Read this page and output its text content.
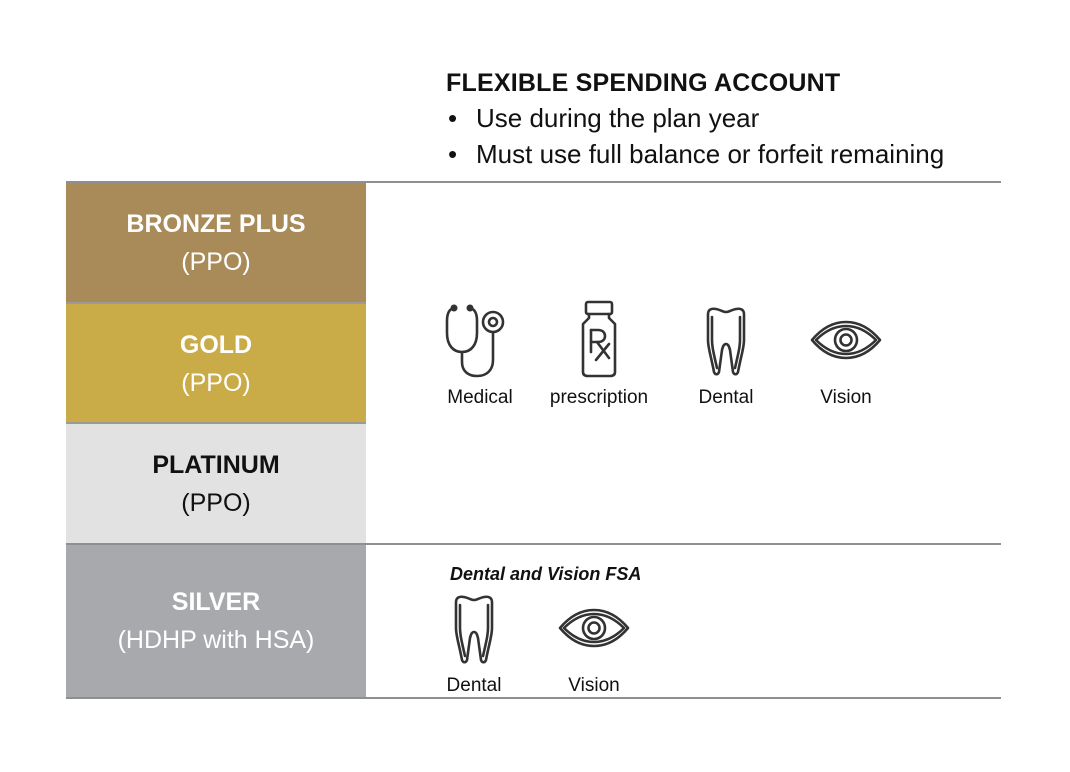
FLEXIBLE SPENDING ACCOUNT
• Use during the plan year
• Must use full balance or forfeit remaining
BRONZE PLUS
(PPO)
GOLD
(PPO)
PLATINUM
(PPO)
SILVER
(HDHP with HSA)
Medical prescription	Dental	Vision
Dental and Vision FSA
Dental	Vision
